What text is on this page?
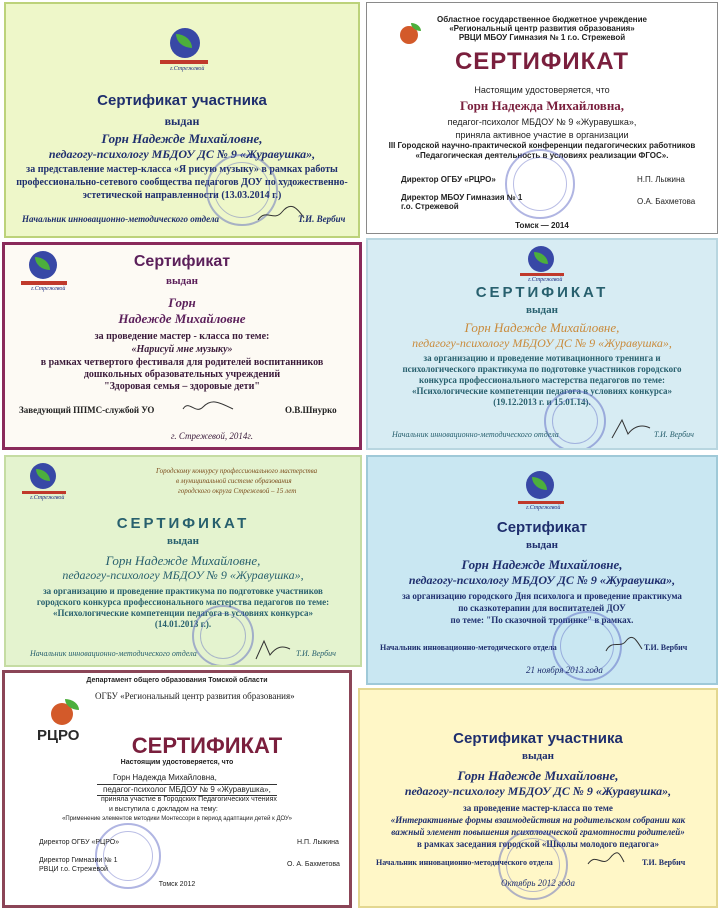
г.Стрежевой

Сертификат участника

выдан

Горн Надежде Михайловне,

педагогу-психологу МБДОУ ДС № 9 «Журавушка»,

за представление мастер-класса «Я рисую музыку» в рамках работы

профессионально-сетевого сообщества педагогов ДОУ по художественно-

эстетической направленности (13.03.2014 г.)

Начальник инновационно-методического отдела	Т.И. Вербич

Областное государственное бюджетное учреждение

«Региональный центр развития образования»

РВЦИ МБОУ Гимназия № 1 г.о. Стрежевой

СЕРТИФИКАТ

Настоящим удостоверяется, что

Горн Надежда Михайловна,

педагог-психолог МБДОУ № 9 «Журавушка»,

приняла активное участие в организации

III Городской научно-практической конференции педагогических работников

«Педагогическая деятельность в условиях реализации ФГОС».

Директор ОГБУ «РЦРО»	Н.П. Лыжина

Директор МБОУ Гимназия № 1

г.о. Стрежевой

О.А. Бахметова

Томск — 2014

г.Стрежевой

Сертификат

выдан

Горн

Надежде Михайловне

за проведение мастер - класса по теме:

«Нарисуй мне музыку»

в рамках четвертого фестиваля для родителей воспитанников

дошкольных образовательных учреждений

"Здоровая семья – здоровые дети"

Заведующий ППМС-службой УО	О.В.Шнурко

г. Стрежевой, 2014г.

г.Стрежевой

СЕРТИФИКАТ

выдан

Горн Надежде Михайловне,

педагогу-психологу МБДОУ ДС № 9 «Журавушка»,

за организацию и проведение мотивационного тренинга и

психологического практикума по подготовке участников городского

конкурса профессионального мастерства педагогов по теме:

«Психологические компетенции педагога в условиях конкурса»

(19.12.2013 г. и 15.01.14).

Начальник инновационно-методического отдела	Т.И. Вербич

г.Стрежевой

Городскому конкурсу профессионального мастерства

в муниципальной системе образования

городского округа Стрежевой – 15 лет

СЕРТИФИКАТ

выдан

Горн Надежде Михайловне,

педагогу-психологу МБДОУ № 9 «Журавушка»,

за организацию и проведение практикума по подготовке участников

городского конкурса профессионального мастерства педагогов по теме:

«Психологические компетенции педагога в условиях конкурса»

(14.01.2013 г.).

Начальник инновационно-методического отдела	Т.И. Вербич

г.Стрежевой

Сертификат

выдан

Горн Надежде Михайловне,

педагогу-психологу МБДОУ ДС № 9 «Журавушка»,

за организацию городского Дня психолога и проведение практикума

по сказкотерапии для воспитателей ДОУ

по теме: "По сказочной тропинке" в рамках.

Начальник инновационно-методического отдела	Т.И. Вербич

21 ноября 2013 года

Департамент общего образования Томской области

ОГБУ «Региональный центр развития образования»

РЦРО	СЕРТИФИКАТ

Настоящим удостоверяется, что

Горн Надежда Михайловна,

педагог-психолог МБДОУ № 9 «Журавушка»,

приняла участие в Городских Педагогических чтениях

и выступила с докладом на тему:

«Применение элементов методики Монтессори в период адаптации детей к ДОУ»

Директор ОГБУ «РЦРО»	Н.П. Лыжина

Директор Гимназии № 1

РВЦИ г.о. Стрежевой

О. А. Бахметова

Томск 2012

Сертификат участника

выдан

Горн Надежде Михайловне,

педагогу-психологу МБДОУ ДС № 9 «Журавушка»,

за проведение мастер-класса по теме

«Интерактивные формы взаимодействия на родительском собрании как

важный элемент повышения психологической грамотности родителей»

в рамках заседания городской «Школы молодого педагога»

Начальник инновационно-методического отдела	Т.И. Вербич

Октябрь 2012 года
